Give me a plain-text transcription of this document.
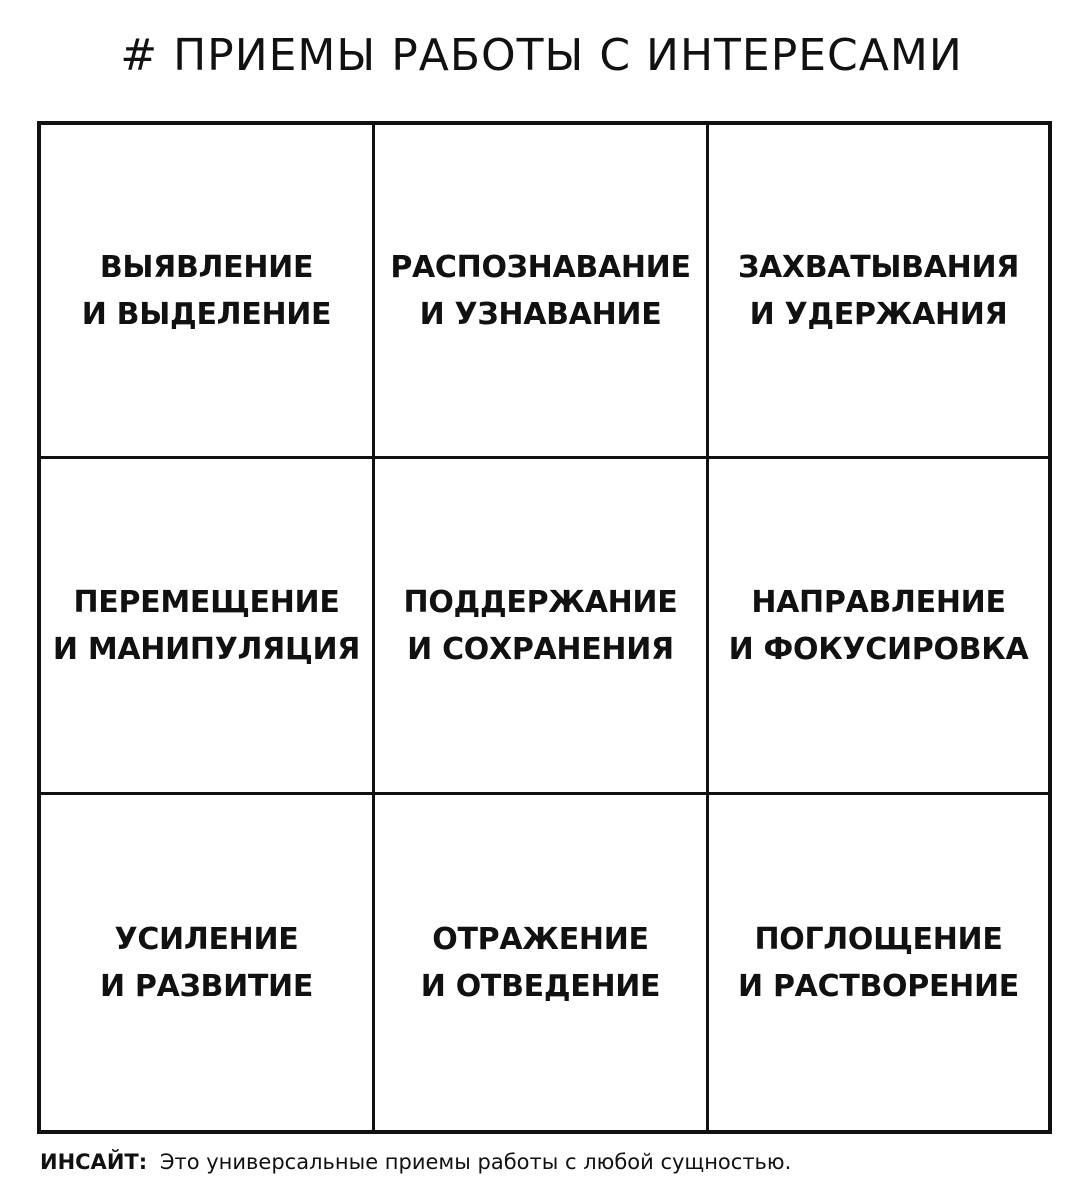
# ПРИЕМЫ РАБОТЫ С ИНТЕРЕСАМИ
ВЫЯВЛЕНИЕ
И ВЫДЕЛЕНИЕ
РАСПОЗНАВАНИЕ
И УЗНАВАНИЕ
ЗАХВАТЫВАНИЯ
И УДЕРЖАНИЯ
ПЕРЕМЕЩЕНИЕ
И МАНИПУЛЯЦИЯ
ПОДДЕРЖАНИЕ
И СОХРАНЕНИЯ
НАПРАВЛЕНИЕ
И ФОКУСИРОВКА
УСИЛЕНИЕ
И РАЗВИТИЕ
ОТРАЖЕНИЕ
И ОТВЕДЕНИЕ
ПОГЛОЩЕНИЕ
И РАСТВОРЕНИЕ
ИНСАЙТ: Это универсальные приемы работы с любой сущностью.
